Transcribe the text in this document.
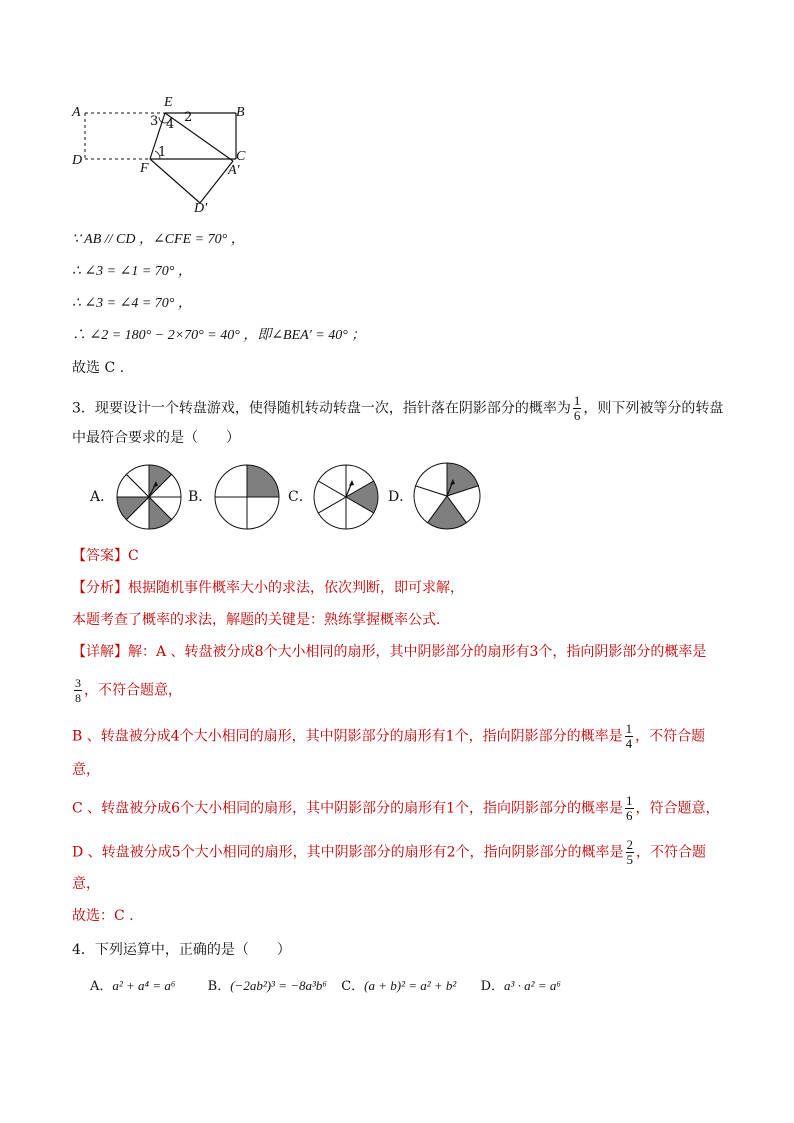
A
E
B
D
F
C
A′
D′
1
2
3 4
∵ AB // CD ，∠CFE = 70° ，
∴ ∠3 = ∠1 = 70° ，
∴ ∠3 = ∠4 = 70° ，
∴ ∠2 = 180° − 2×70° = 40° ，即∠BEA′ = 40° ；
故选 C .
3．现要设计一个转盘游戏，使得随机转动转盘一次，指针落在阴影部分的概率为 $\frac{1}{6}$ ，则下列被等分的转盘
中最符合要求的是（　　）
A．	B．	C．	D．
【答案】C
【分析】根据随机事件概率大小的求法，依次判断，即可求解，
本题考查了概率的求法，解题的关键是：熟练掌握概率公式．
【详解】解：A 、转盘被分成8个大小相同的扇形，其中阴影部分的扇形有3个，指向阴影部分的概率是
$\frac{3}{8}$ ，不符合题意，
B 、转盘被分成4个大小相同的扇形，其中阴影部分的扇形有1个，指向阴影部分的概率是 $\frac{1}{4}$ ，不符合题
意，
C 、转盘被分成6个大小相同的扇形，其中阴影部分的扇形有1个，指向阴影部分的概率是 $\frac{1}{6}$ ，符合题意，
D 、转盘被分成5个大小相同的扇形，其中阴影部分的扇形有2个，指向阴影部分的概率是 $\frac{2}{5}$ ，不符合题
意，
故选：C .
4．下列运算中，正确的是（　　）
A．a² + a⁴ = a⁶ B．(−2ab²)³ = −8a³b⁶ C．(a + b)² = a² + b² D．a³ · a² = a⁶
